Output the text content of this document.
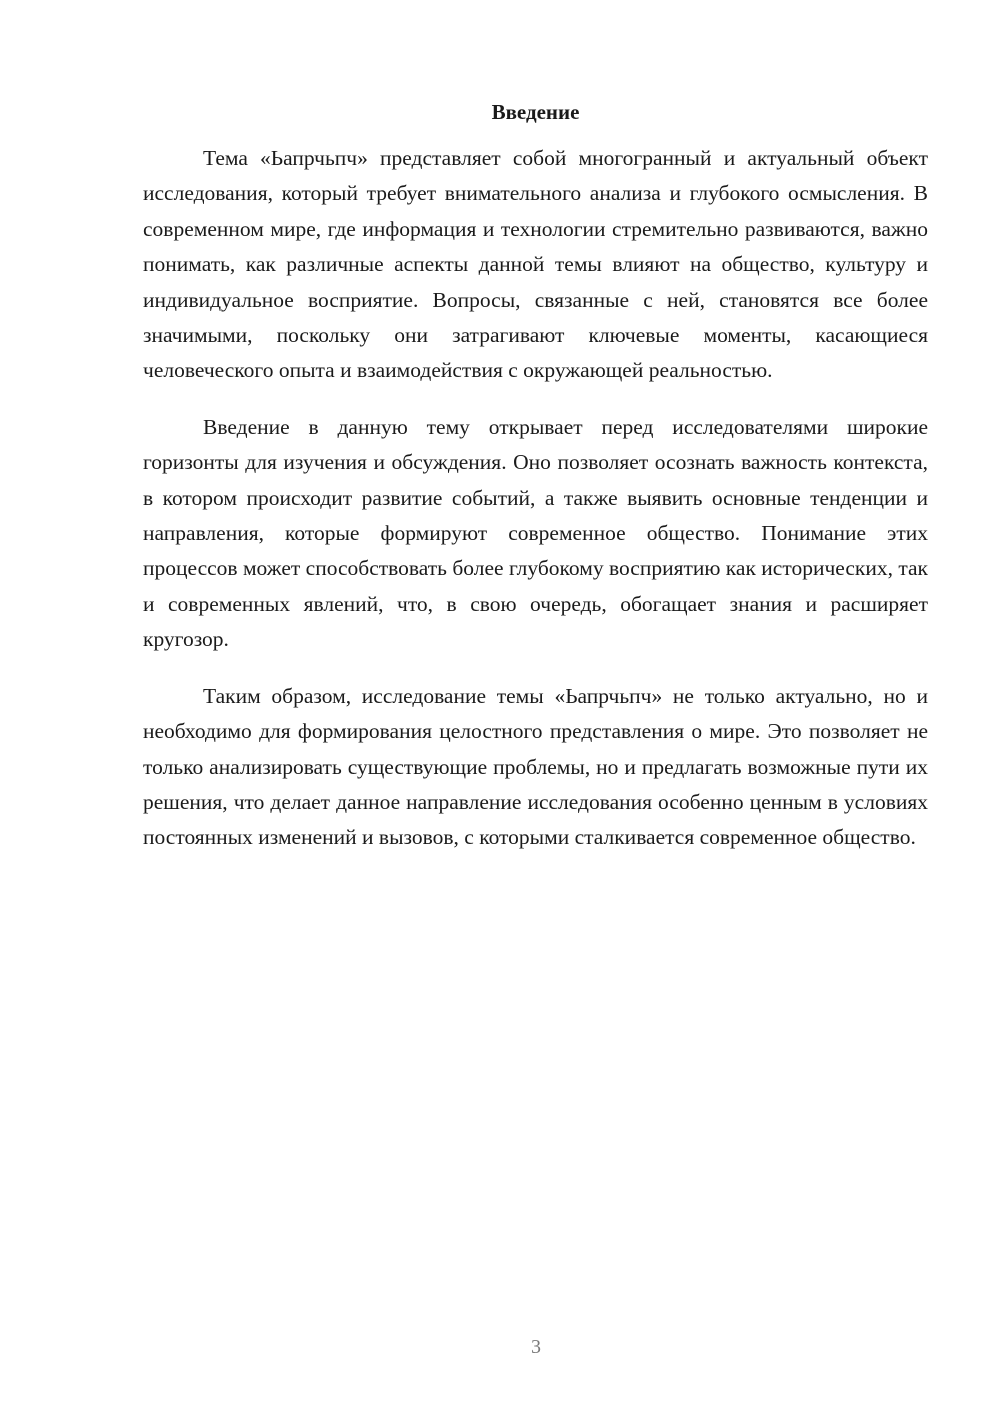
Введение

Тема «Ьапрчьпч» представляет собой многогранный и актуальный объект исследования, который требует внимательного анализа и глубокого осмысления. В современном мире, где информация и технологии стремительно развиваются, важно понимать, как различные аспекты данной темы влияют на общество, культуру и индивидуальное восприятие. Вопросы, связанные с ней, становятся все более значимыми, поскольку они затрагивают ключевые моменты, касающиеся человеческого опыта и взаимодействия с окружающей реальностью.

Введение в данную тему открывает перед исследователями широкие горизонты для изучения и обсуждения. Оно позволяет осознать важность контекста, в котором происходит развитие событий, а также выявить основные тенденции и направления, которые формируют современное общество. Понимание этих процессов может способствовать более глубокому восприятию как исторических, так и современных явлений, что, в свою очередь, обогащает знания и расширяет кругозор.

Таким образом, исследование темы «Ьапрчьпч» не только актуально, но и необходимо для формирования целостного представления о мире. Это позволяет не только анализировать существующие проблемы, но и предлагать возможные пути их решения, что делает данное направление исследования особенно ценным в условиях постоянных изменений и вызовов, с которыми сталкивается современное общество.

3
